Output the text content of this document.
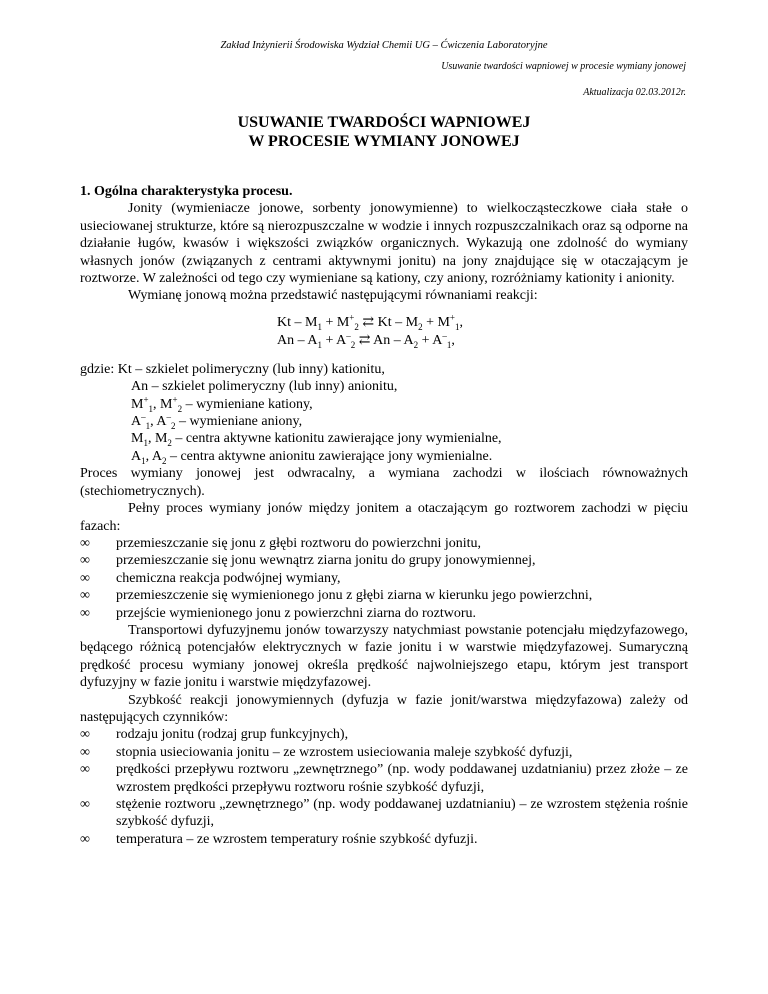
Zakład Inżynierii Środowiska Wydział Chemii UG – Ćwiczenia Laboratoryjne
Usuwanie twardości wapniowej w procesie wymiany jonowej
Aktualizacja 02.03.2012r.
USUWANIE TWARDOŚCI WAPNIOWEJ
W PROCESIE WYMIANY JONOWEJ

1. Ogólna charakterystyka procesu.

Jonity (wymieniacze jonowe, sorbenty jonowymienne) to wielkocząsteczkowe ciała stałe o usieciowanej strukturze, które są nierozpuszczalne w wodzie i innych rozpuszczalnikach oraz są odporne na działanie ługów, kwasów i większości związków organicznych. Wykazują one zdolność do wymiany własnych jonów (związanych z centrami aktywnymi jonitu) na jony znajdujące się w otaczającym je roztworze. W zależności od tego czy wymieniane są kationy, czy aniony, rozróżniamy kationity i anionity.

Wymianę jonową można przedstawić następującymi równaniami reakcji:

$Kt - M_1 + M^+_2$ ⇄ $Kt - M_2 + M^+_1$,
$An - A_1 + A^-_2$ ⇄ $An - A_2 + A^-_1$,

gdzie: Kt – szkielet polimeryczny (lub inny) kationitu,

An – szkielet polimeryczny (lub inny) anionitu,

$M^+_1$, $M^+_2$ – wymieniane kationy,

$A^-_1$, $A^-_2$ – wymieniane aniony,

$M_1$, $M_2$ – centra aktywne kationitu zawierające jony wymienialne,

$A_1$, $A_2$ – centra aktywne anionitu zawierające jony wymienialne.

Proces wymiany jonowej jest odwracalny, a wymiana zachodzi w ilościach równoważnych (stechiometrycznych).

Pełny proces wymiany jonów między jonitem a otaczającym go roztworem zachodzi w pięciu fazach:

∞ przemieszczanie się jonu z głębi roztworu do powierzchni jonitu,
∞ przemieszczanie się jonu wewnątrz ziarna jonitu do grupy jonowymiennej,
∞ chemiczna reakcja podwójnej wymiany,
∞ przemieszczenie się wymienionego jonu z głębi ziarna w kierunku jego powierzchni,
∞ przejście wymienionego jonu z powierzchni ziarna do roztworu.

Transportowi dyfuzyjnemu jonów towarzyszy natychmiast powstanie potencjału międzyfazowego, będącego różnicą potencjałów elektrycznych w fazie jonitu i w warstwie międzyfazowej. Sumaryczną prędkość procesu wymiany jonowej określa prędkość najwolniejszego etapu, którym jest transport dyfuzyjny w fazie jonitu i warstwie międzyfazowej.

Szybkość reakcji jonowymiennych (dyfuzja w fazie jonit/warstwa międzyfazowa) zależy od następujących czynników:

∞ rodzaju jonitu (rodzaj grup funkcyjnych),
∞ stopnia usieciowania jonitu – ze wzrostem usieciowania maleje szybkość dyfuzji,
∞ prędkości przepływu roztworu „zewnętrznego” (np. wody poddawanej uzdatnianiu) przez złoże – ze wzrostem prędkości przepływu roztworu rośnie szybkość dyfuzji,
∞ stężenie roztworu „zewnętrznego” (np. wody poddawanej uzdatnianiu) – ze wzrostem stężenia rośnie szybkość dyfuzji,
∞ temperatura – ze wzrostem temperatury rośnie szybkość dyfuzji.
